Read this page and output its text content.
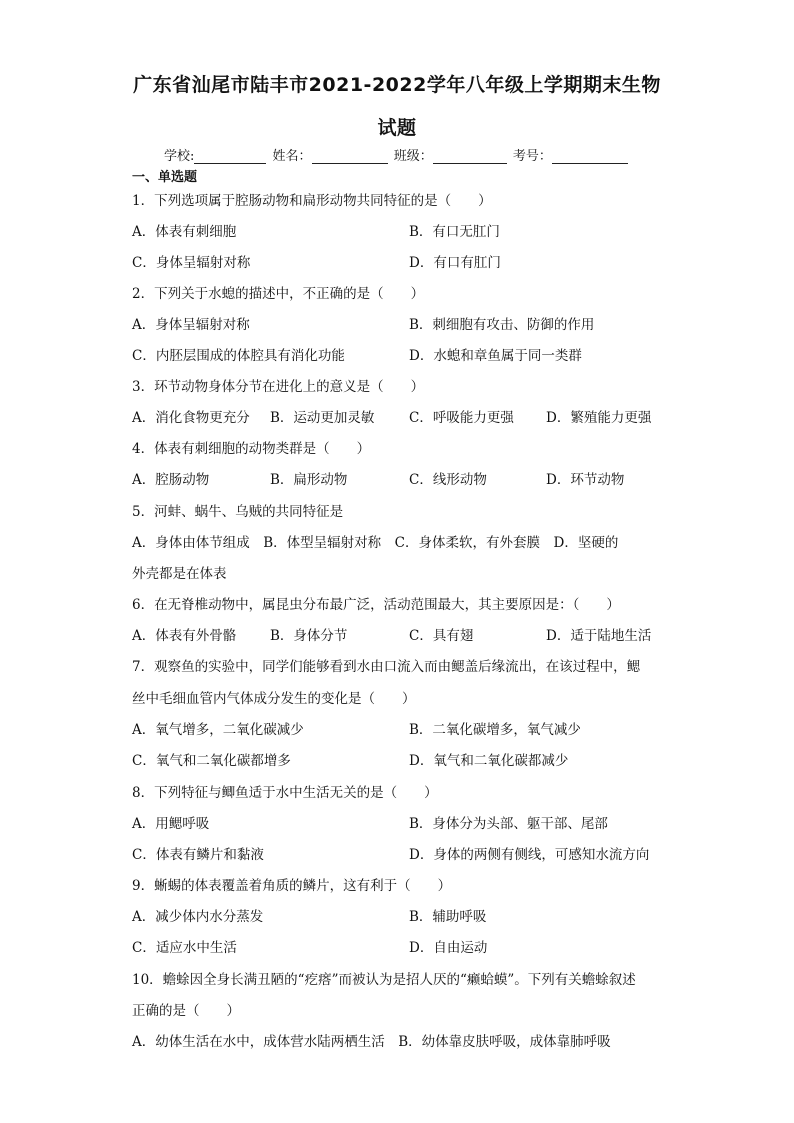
广东省汕尾市陆丰市2021-2022学年八年级上学期期末生物
试题
学校:	姓名：	班级：	考号：
一、单选题
1．下列选项属于腔肠动物和扁形动物共同特征的是（　　）
A．体表有刺细胞	B．有口无肛门
C．身体呈辐射对称	D．有口有肛门
2．下列关于水螅的描述中，不正确的是（　　）
A．身体呈辐射对称	B．刺细胞有攻击、防御的作用
C．内胚层围成的体腔具有消化功能	D．水螅和章鱼属于同一类群
3．环节动物身体分节在进化上的意义是（　　）
A．消化食物更充分 B．运动更加灵敏	C．呼吸能力更强 D．繁殖能力更强
4．体表有刺细胞的动物类群是（　　）
A．腔肠动物	B．扁形动物	C．线形动物	D．环节动物
5．河蚌、蜗牛、乌贼的共同特征是
A．身体由体节组成　B．体型呈辐射对称　C．身体柔软，有外套膜　D．坚硬的
外壳都是在体表
6．在无脊椎动物中，属昆虫分布最广泛，活动范围最大，其主要原因是：（　　）
A．体表有外骨骼	B．身体分节	C．具有翅	D．适于陆地生活
7．观察鱼的实验中，同学们能够看到水由口流入而由鳃盖后缘流出，在该过程中，鳃
丝中毛细血管内气体成分发生的变化是（　　）
A．氧气增多，二氧化碳减少	B．二氧化碳增多，氧气减少
C．氧气和二氧化碳都增多	D．氧气和二氧化碳都减少
8．下列特征与鲫鱼适于水中生活无关的是（　　）
A．用鳃呼吸	B．身体分为头部、躯干部、尾部
C．体表有鳞片和黏液	D．身体的两侧有侧线，可感知水流方向
9．蜥蜴的体表覆盖着角质的鳞片，这有利于（　　）
A．减少体内水分蒸发	B．辅助呼吸
C．适应水中生活	D．自由运动
10．蟾蜍因全身长满丑陋的“疙瘩”而被认为是招人厌的“癞蛤蟆”。下列有关蟾蜍叙述
正确的是（　　）
A．幼体生活在水中，成体营水陆两栖生活　B．幼体靠皮肤呼吸，成体靠肺呼吸
